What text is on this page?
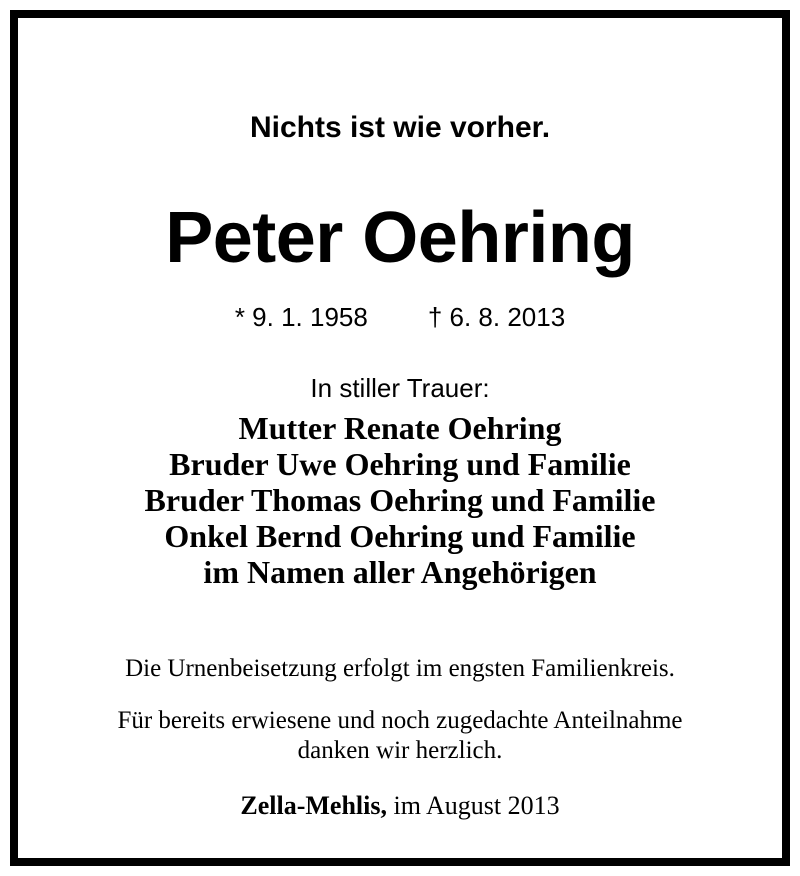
Nichts ist wie vorher.
Peter Oehring
* 9. 1. 1958 † 6. 8. 2013
In stiller Trauer:
Mutter Renate Oehring
Bruder Uwe Oehring und Familie
Bruder Thomas Oehring und Familie
Onkel Bernd Oehring und Familie
im Namen aller Angehörigen
Die Urnenbeisetzung erfolgt im engsten Familienkreis.
Für bereits erwiesene und noch zugedachte Anteilnahme
danken wir herzlich.
Zella-Mehlis, im August 2013
